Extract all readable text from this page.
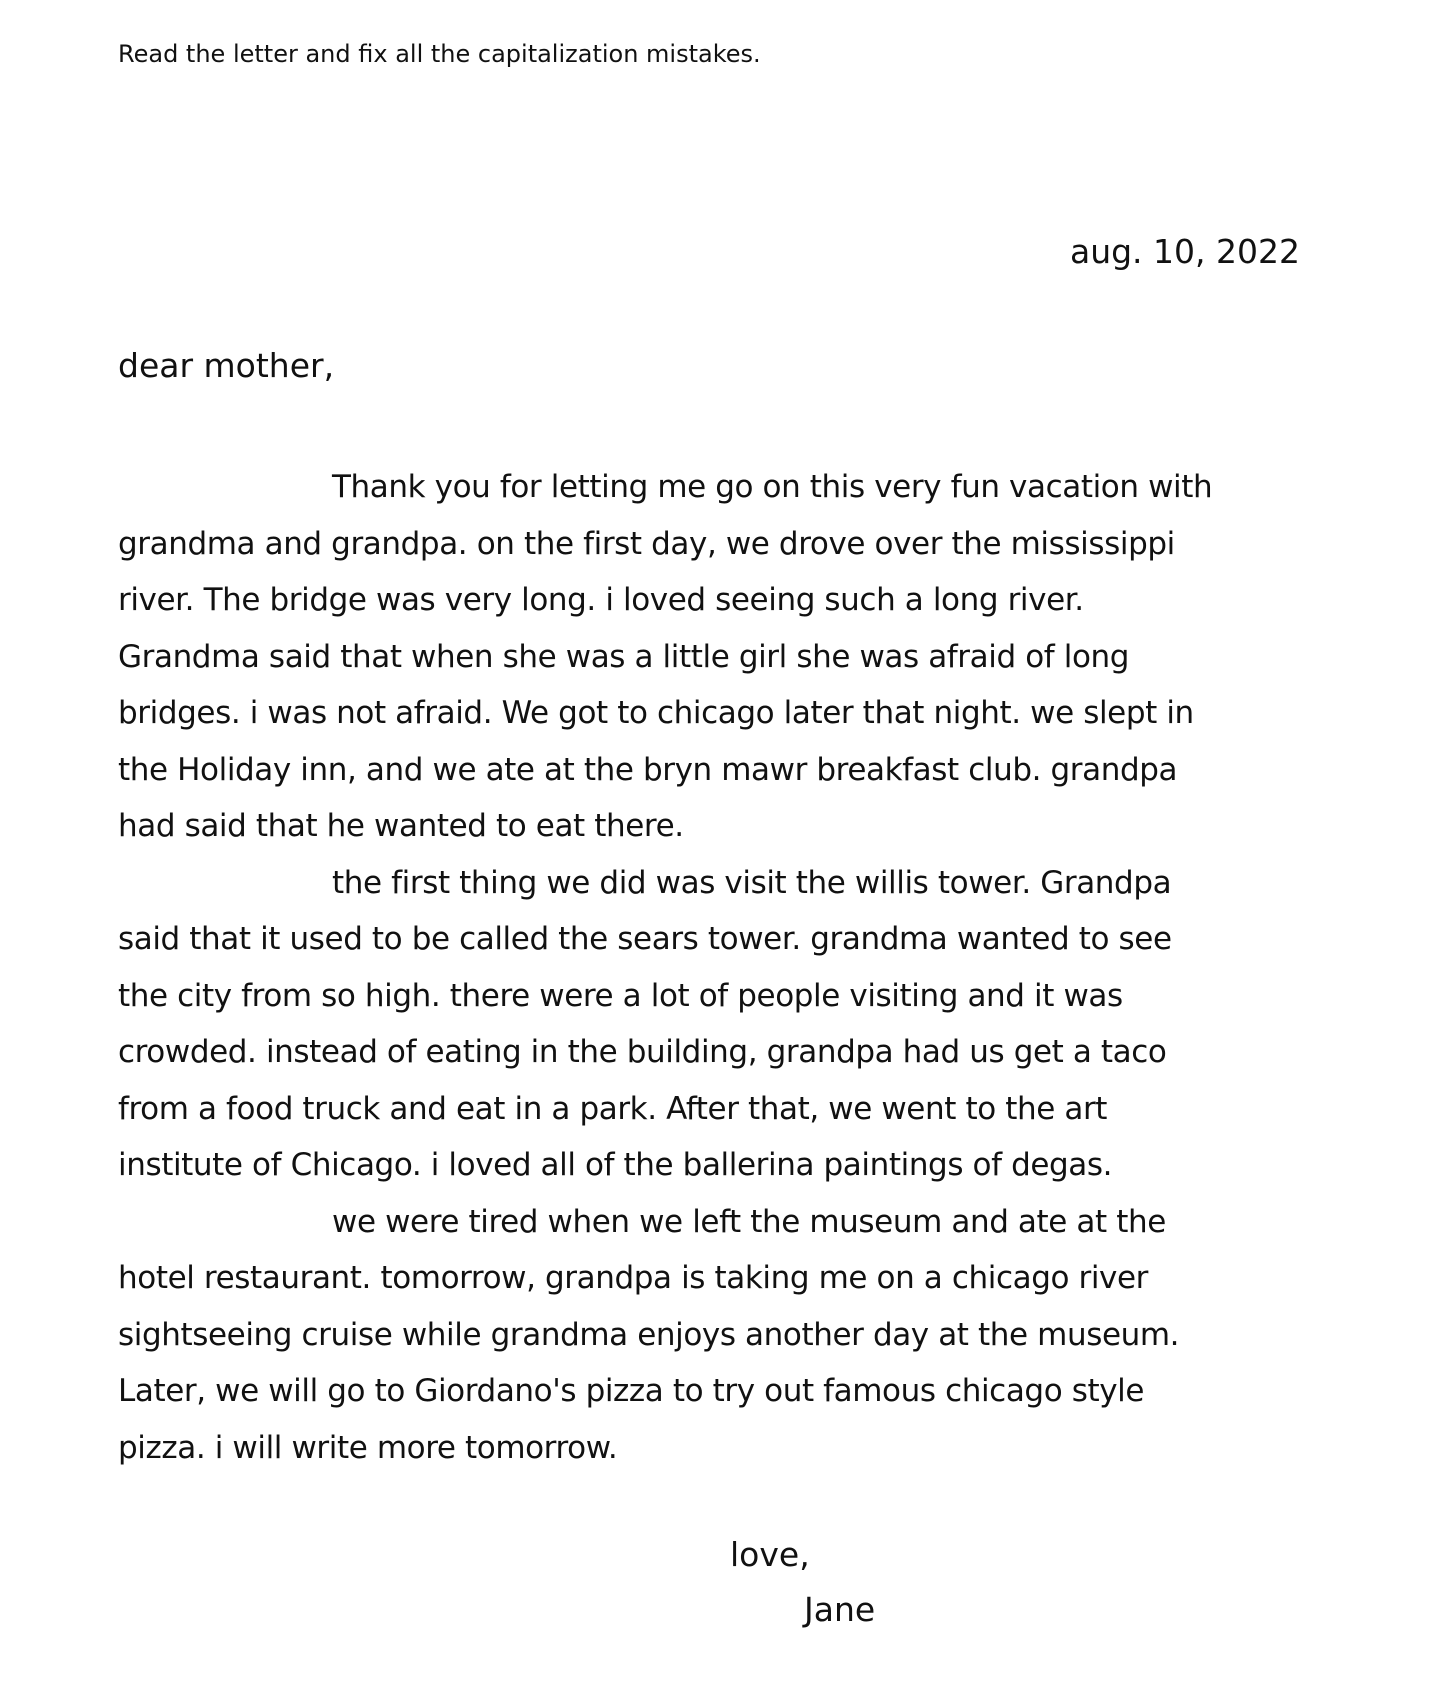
Read the letter and fix all the capitalization mistakes.
aug. 10, 2022
dear mother,
Thank you for letting me go on this very fun vacation with
grandma and grandpa. on the first day, we drove over the mississippi
river. The bridge was very long. i loved seeing such a long river.
Grandma said that when she was a little girl she was afraid of long
bridges. i was not afraid. We got to chicago later that night. we slept in
the Holiday inn, and we ate at the bryn mawr breakfast club. grandpa
had said that he wanted to eat there.
the first thing we did was visit the willis tower. Grandpa
said that it used to be called the sears tower. grandma wanted to see
the city from so high. there were a lot of people visiting and it was
crowded. instead of eating in the building, grandpa had us get a taco
from a food truck and eat in a park. After that, we went to the art
institute of Chicago. i loved all of the ballerina paintings of degas.
we were tired when we left the museum and ate at the
hotel restaurant. tomorrow, grandpa is taking me on a chicago river
sightseeing cruise while grandma enjoys another day at the museum.
Later, we will go to Giordano's pizza to try out famous chicago style
pizza. i will write more tomorrow.
love,
Jane
